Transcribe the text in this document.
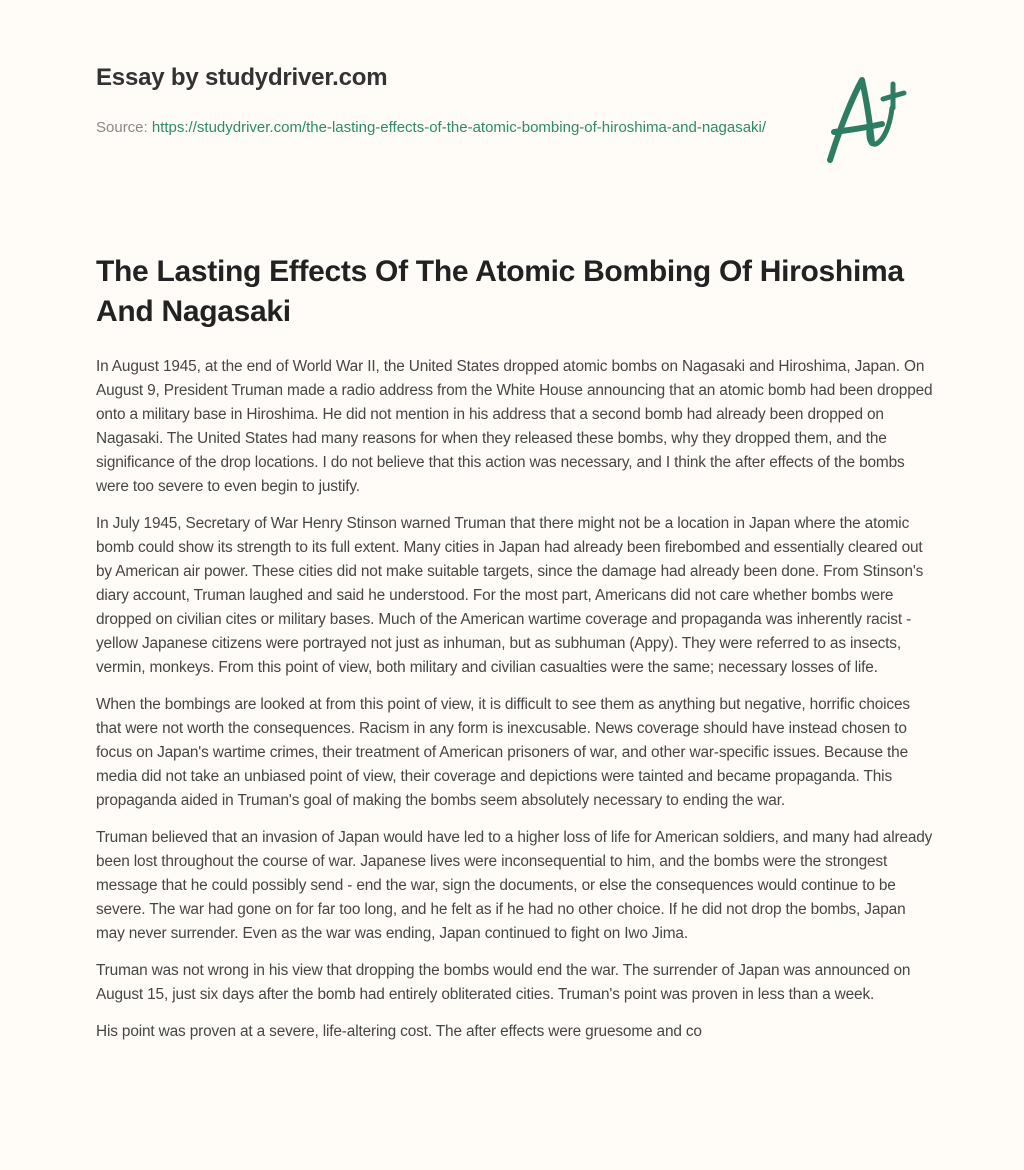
Essay by studydriver.com
Source: https://studydriver.com/the-lasting-effects-of-the-atomic-bombing-of-hiroshima-and-nagasaki/
The Lasting Effects Of The Atomic Bombing Of Hiroshima And Nagasaki

In August 1945, at the end of World War II, the United States dropped atomic bombs on Nagasaki and Hiroshima, Japan. On August 9, President Truman made a radio address from the White House announcing that an atomic bomb had been dropped onto a military base in Hiroshima. He did not mention in his address that a second bomb had already been dropped on Nagasaki. The United States had many reasons for when they released these bombs, why they dropped them, and the significance of the drop locations. I do not believe that this action was necessary, and I think the after effects of the bombs were too severe to even begin to justify.

In July 1945, Secretary of War Henry Stinson warned Truman that there might not be a location in Japan where the atomic bomb could show its strength to its full extent. Many cities in Japan had already been firebombed and essentially cleared out by American air power. These cities did not make suitable targets, since the damage had already been done. From Stinson's diary account, Truman laughed and said he understood. For the most part, Americans did not care whether bombs were dropped on civilian cites or military bases. Much of the American wartime coverage and propaganda was inherently racist - yellow Japanese citizens were portrayed not just as inhuman, but as subhuman (Appy). They were referred to as insects, vermin, monkeys. From this point of view, both military and civilian casualties were the same; necessary losses of life.

When the bombings are looked at from this point of view, it is difficult to see them as anything but negative, horrific choices that were not worth the consequences. Racism in any form is inexcusable. News coverage should have instead chosen to focus on Japan's wartime crimes, their treatment of American prisoners of war, and other war-specific issues. Because the media did not take an unbiased point of view, their coverage and depictions were tainted and became propaganda. This propaganda aided in Truman's goal of making the bombs seem absolutely necessary to ending the war.

Truman believed that an invasion of Japan would have led to a higher loss of life for American soldiers, and many had already been lost throughout the course of war. Japanese lives were inconsequential to him, and the bombs were the strongest message that he could possibly send - end the war, sign the documents, or else the consequences would continue to be severe. The war had gone on for far too long, and he felt as if he had no other choice. If he did not drop the bombs, Japan may never surrender. Even as the war was ending, Japan continued to fight on Iwo Jima.

Truman was not wrong in his view that dropping the bombs would end the war. The surrender of Japan was announced on August 15, just six days after the bomb had entirely obliterated cities. Truman's point was proven in less than a week.

His point was proven at a severe, life-altering cost. The after effects were gruesome and co
